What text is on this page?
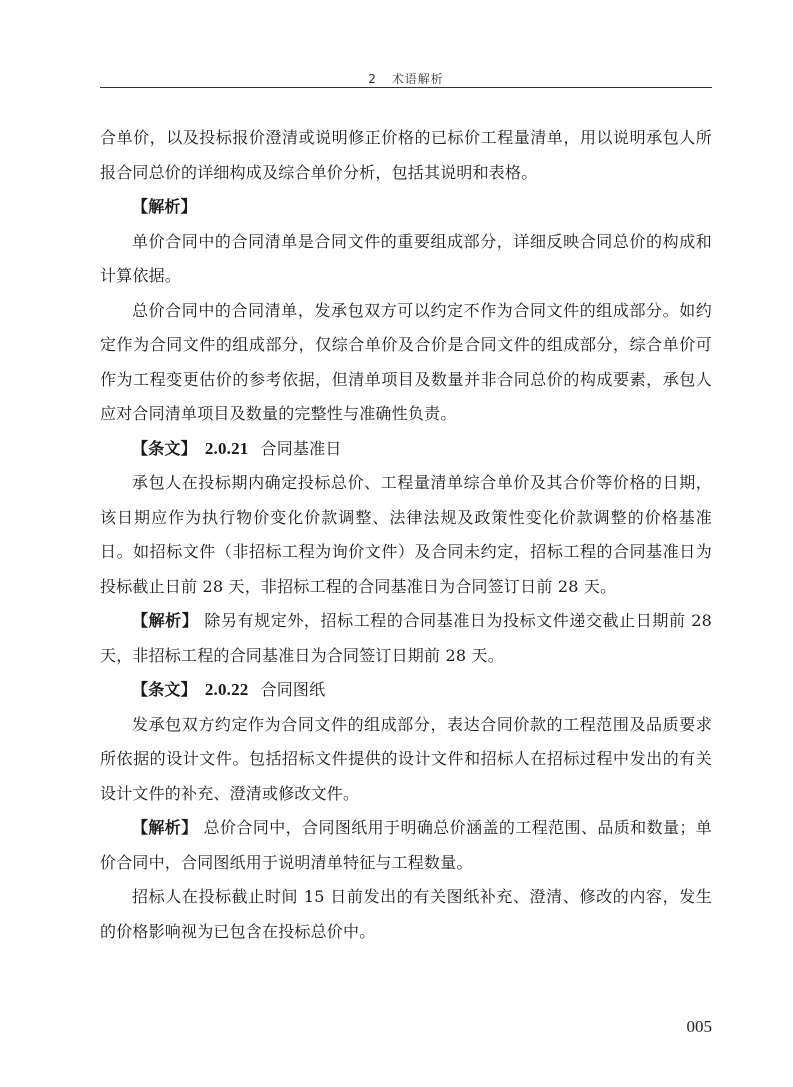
2 术语解析

合单价，以及投标报价澄清或说明修正价格的已标价工程量清单，用以说明承包人所报合同总价的详细构成及综合单价分析，包括其说明和表格。

【解析】

单价合同中的合同清单是合同文件的重要组成部分，详细反映合同总价的构成和计算依据。

总价合同中的合同清单，发承包双方可以约定不作为合同文件的组成部分。如约定作为合同文件的组成部分，仅综合单价及合价是合同文件的组成部分，综合单价可作为工程变更估价的参考依据，但清单项目及数量并非合同总价的构成要素，承包人应对合同清单项目及数量的完整性与准确性负责。

【条文】 2.0.21 合同基准日

承包人在投标期内确定投标总价、工程量清单综合单价及其合价等价格的日期，该日期应作为执行物价变化价款调整、法律法规及政策性变化价款调整的价格基准日。如招标文件（非招标工程为询价文件）及合同未约定，招标工程的合同基准日为投标截止日前 28 天，非招标工程的合同基准日为合同签订日前 28 天。

【解析】 除另有规定外，招标工程的合同基准日为投标文件递交截止日期前 28 天，非招标工程的合同基准日为合同签订日期前 28 天。

【条文】 2.0.22 合同图纸

发承包双方约定作为合同文件的组成部分，表达合同价款的工程范围及品质要求所依据的设计文件。包括招标文件提供的设计文件和招标人在招标过程中发出的有关设计文件的补充、澄清或修改文件。

【解析】 总价合同中，合同图纸用于明确总价涵盖的工程范围、品质和数量；单价合同中，合同图纸用于说明清单特征与工程数量。

招标人在投标截止时间 15 日前发出的有关图纸补充、澄清、修改的内容，发生的价格影响视为已包含在投标总价中。

005
